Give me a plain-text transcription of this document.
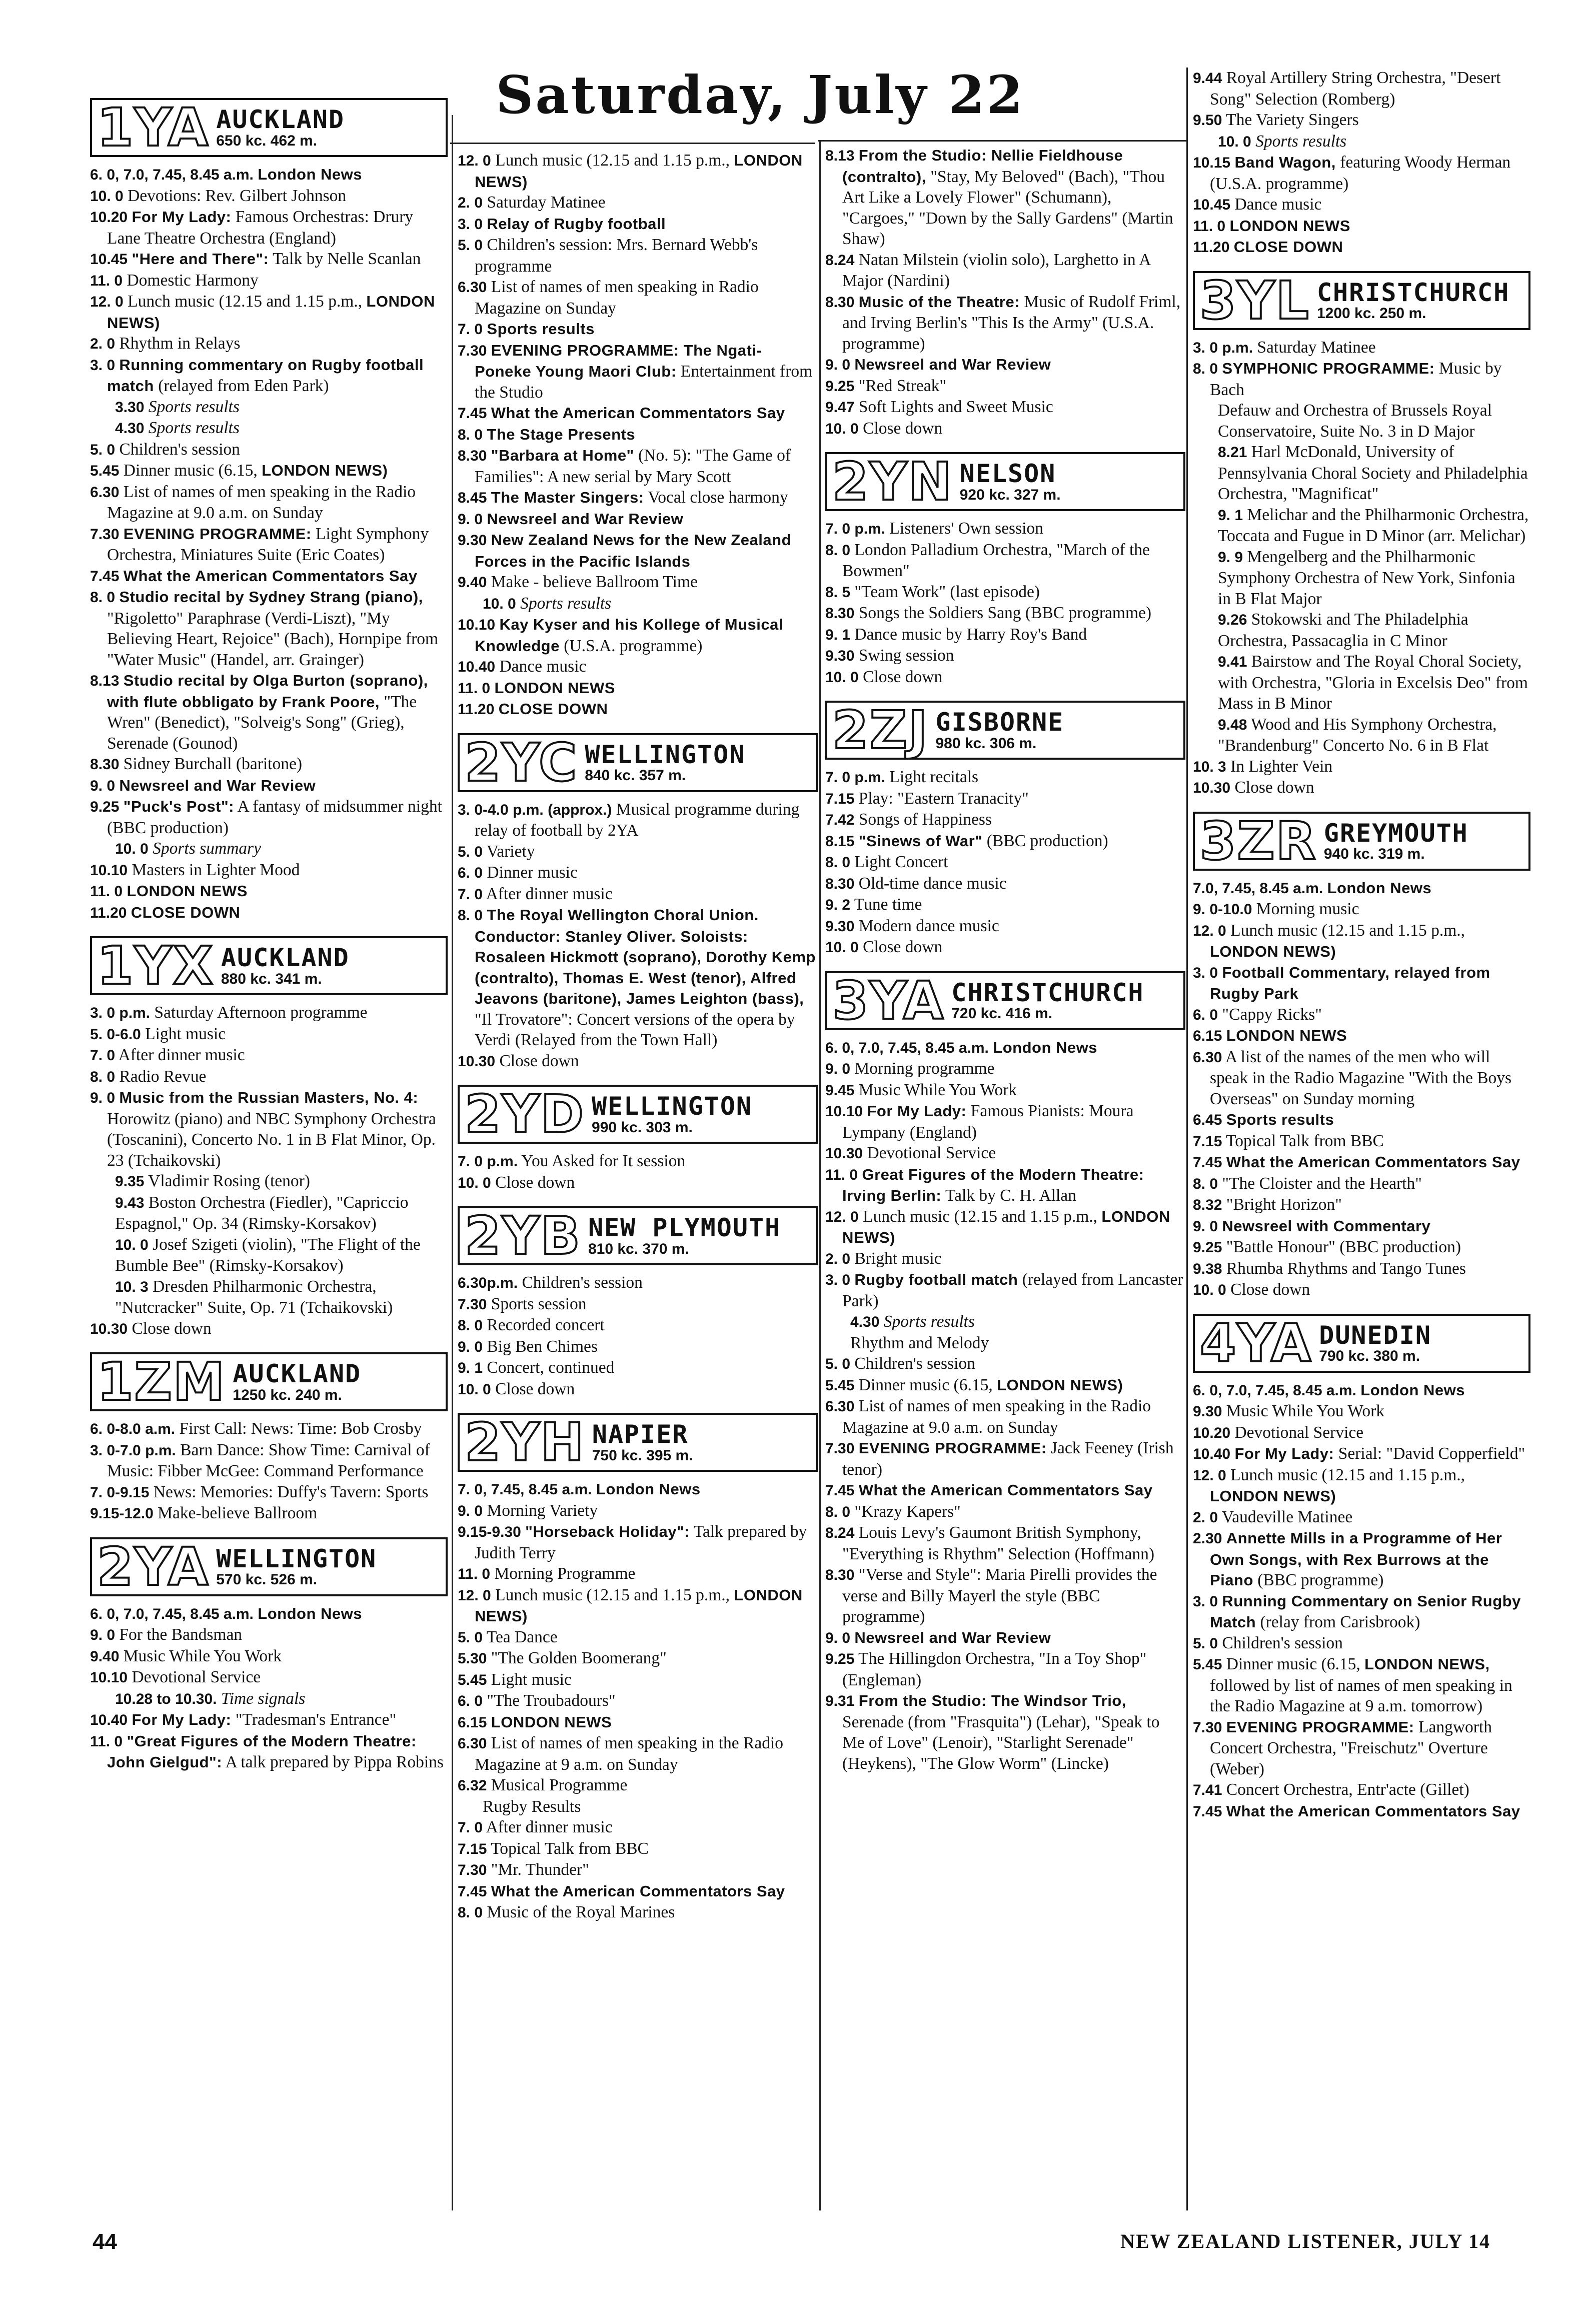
Saturday, July 22
1YA AUCKLAND
650 kc. 462 m.

6. 0, 7.0, 7.45, 8.45 a.m. London News

10. 0 Devotions: Rev. Gilbert Johnson

10.20 For My Lady: Famous Orchestras: Drury Lane Theatre Orchestra (England)

10.45 "Here and There": Talk by Nelle Scanlan

11. 0 Domestic Harmony

12. 0 Lunch music (12.15 and 1.15 p.m., LONDON NEWS)

2. 0 Rhythm in Relays

3. 0 Running commentary on Rugby football match (relayed from Eden Park)

3.30 Sports results

4.30 Sports results

5. 0 Children's session

5.45 Dinner music (6.15, LONDON NEWS)

6.30 List of names of men speaking in the Radio Magazine at 9.0 a.m. on Sunday

7.30 EVENING PROGRAMME: Light Symphony Orchestra, Miniatures Suite (Eric Coates)

7.45 What the American Commentators Say

8. 0 Studio recital by Sydney Strang (piano), "Rigoletto" Paraphrase (Verdi-Liszt), "My Believing Heart, Rejoice" (Bach), Hornpipe from "Water Music" (Handel, arr. Grainger)

8.13 Studio recital by Olga Burton (soprano), with flute obbligato by Frank Poore, "The Wren" (Benedict), "Solveig's Song" (Grieg), Serenade (Gounod)

8.30 Sidney Burchall (baritone)

9. 0 Newsreel and War Review

9.25 "Puck's Post": A fantasy of midsummer night (BBC production)

10. 0 Sports summary

10.10 Masters in Lighter Mood

11. 0 LONDON NEWS

11.20 CLOSE DOWN

1YX AUCKLAND
880 kc. 341 m.

3. 0 p.m. Saturday Afternoon programme

5. 0-6.0 Light music

7. 0 After dinner music

8. 0 Radio Revue

9. 0 Music from the Russian Masters, No. 4: Horowitz (piano) and NBC Symphony Orchestra (Toscanini), Concerto No. 1 in B Flat Minor, Op. 23 (Tchaikovski)

9.35 Vladimir Rosing (tenor)

9.43 Boston Orchestra (Fiedler), "Capriccio Espagnol," Op. 34 (Rimsky-Korsakov)

10. 0 Josef Szigeti (violin), "The Flight of the Bumble Bee" (Rimsky-Korsakov)

10. 3 Dresden Philharmonic Orchestra, "Nutcracker" Suite, Op. 71 (Tchaikovski)

10.30 Close down

1ZM AUCKLAND
1250 kc. 240 m.

6. 0-8.0 a.m. First Call: News: Time: Bob Crosby

3. 0-7.0 p.m. Barn Dance: Show Time: Carnival of Music: Fibber McGee: Command Performance

7. 0-9.15 News: Memories: Duffy's Tavern: Sports

9.15-12.0 Make-believe Ballroom

2YA WELLINGTON
570 kc. 526 m.

6. 0, 7.0, 7.45, 8.45 a.m. London News

9. 0 For the Bandsman

9.40 Music While You Work

10.10 Devotional Service

10.28 to 10.30. Time signals

10.40 For My Lady: "Tradesman's Entrance"

11. 0 "Great Figures of the Modern Theatre: John Gielgud": A talk prepared by Pippa Robins

12. 0 Lunch music (12.15 and 1.15 p.m., LONDON NEWS)

2. 0 Saturday Matinee

3. 0 Relay of Rugby football

5. 0 Children's session: Mrs. Bernard Webb's programme

6.30 List of names of men speaking in Radio Magazine on Sunday

7. 0 Sports results

7.30 EVENING PROGRAMME: The Ngati-Poneke Young Maori Club: Entertainment from the Studio

7.45 What the American Commentators Say

8. 0 The Stage Presents

8.30 "Barbara at Home" (No. 5): "The Game of Families": A new serial by Mary Scott

8.45 The Master Singers: Vocal close harmony

9. 0 Newsreel and War Review

9.30 New Zealand News for the New Zealand Forces in the Pacific Islands

9.40 Make - believe Ballroom Time

10. 0 Sports results

10.10 Kay Kyser and his Kollege of Musical Knowledge (U.S.A. programme)

10.40 Dance music

11. 0 LONDON NEWS

11.20 CLOSE DOWN

2YC WELLINGTON
840 kc. 357 m.

3. 0-4.0 p.m. (approx.) Musical programme during relay of football by 2YA

5. 0 Variety

6. 0 Dinner music

7. 0 After dinner music

8. 0 The Royal Wellington Choral Union. Conductor: Stanley Oliver. Soloists: Rosaleen Hickmott (soprano), Dorothy Kemp (contralto), Thomas E. West (tenor), Alfred Jeavons (baritone), James Leighton (bass), "Il Trovatore": Concert versions of the opera by Verdi (Relayed from the Town Hall)

10.30 Close down

2YD WELLINGTON
990 kc. 303 m.

7. 0 p.m. You Asked for It session

10. 0 Close down

2YB NEW PLYMOUTH
810 kc. 370 m.

6.30p.m. Children's session

7.30 Sports session

8. 0 Recorded concert

9. 0 Big Ben Chimes

9. 1 Concert, continued

10. 0 Close down

2YH NAPIER
750 kc. 395 m.

7. 0, 7.45, 8.45 a.m. London News

9. 0 Morning Variety

9.15-9.30 "Horseback Holiday": Talk prepared by Judith Terry

11. 0 Morning Programme

12. 0 Lunch music (12.15 and 1.15 p.m., LONDON NEWS)

5. 0 Tea Dance

5.30 "The Golden Boomerang"

5.45 Light music

6. 0 "The Troubadours"

6.15 LONDON NEWS

6.30 List of names of men speaking in the Radio Magazine at 9 a.m. on Sunday

6.32 Musical Programme

Rugby Results

7. 0 After dinner music

7.15 Topical Talk from BBC

7.30 "Mr. Thunder"

7.45 What the American Commentators Say

8. 0 Music of the Royal Marines

8.13 From the Studio: Nellie Fieldhouse (contralto), "Stay, My Beloved" (Bach), "Thou Art Like a Lovely Flower" (Schumann), "Cargoes," "Down by the Sally Gardens" (Martin Shaw)

8.24 Natan Milstein (violin solo), Larghetto in A Major (Nardini)

8.30 Music of the Theatre: Music of Rudolf Friml, and Irving Berlin's "This Is the Army" (U.S.A. programme)

9. 0 Newsreel and War Review

9.25 "Red Streak"

9.47 Soft Lights and Sweet Music

10. 0 Close down

2YN NELSON
920 kc. 327 m.

7. 0 p.m. Listeners' Own session

8. 0 London Palladium Orchestra, "March of the Bowmen"

8. 5 "Team Work" (last episode)

8.30 Songs the Soldiers Sang (BBC programme)

9. 1 Dance music by Harry Roy's Band

9.30 Swing session

10. 0 Close down

2ZJ GISBORNE
980 kc. 306 m.

7. 0 p.m. Light recitals

7.15 Play: "Eastern Tranacity"

7.42 Songs of Happiness

8.15 "Sinews of War" (BBC production)

8. 0 Light Concert

8.30 Old-time dance music

9. 2 Tune time

9.30 Modern dance music

10. 0 Close down

3YA CHRISTCHURCH
720 kc. 416 m.

6. 0, 7.0, 7.45, 8.45 a.m. London News

9. 0 Morning programme

9.45 Music While You Work

10.10 For My Lady: Famous Pianists: Moura Lympany (England)

10.30 Devotional Service

11. 0 Great Figures of the Modern Theatre: Irving Berlin: Talk by C. H. Allan

12. 0 Lunch music (12.15 and 1.15 p.m., LONDON NEWS)

2. 0 Bright music

3. 0 Rugby football match (relayed from Lancaster Park)

4.30 Sports results

Rhythm and Melody

5. 0 Children's session

5.45 Dinner music (6.15, LONDON NEWS)

6.30 List of names of men speaking in the Radio Magazine at 9.0 a.m. on Sunday

7.30 EVENING PROGRAMME: Jack Feeney (Irish tenor)

7.45 What the American Commentators Say

8. 0 "Krazy Kapers"

8.24 Louis Levy's Gaumont British Symphony, "Everything is Rhythm" Selection (Hoffmann)

8.30 "Verse and Style": Maria Pirelli provides the verse and Billy Mayerl the style (BBC programme)

9. 0 Newsreel and War Review

9.25 The Hillingdon Orchestra, "In a Toy Shop" (Engleman)

9.31 From the Studio: The Windsor Trio, Serenade (from "Frasquita") (Lehar), "Speak to Me of Love" (Lenoir), "Starlight Serenade" (Heykens), "The Glow Worm" (Lincke)

9.44 Royal Artillery String Orchestra, "Desert Song" Selection (Romberg)

9.50 The Variety Singers

10. 0 Sports results

10.15 Band Wagon, featuring Woody Herman (U.S.A. programme)

10.45 Dance music

11. 0 LONDON NEWS

11.20 CLOSE DOWN

3YL CHRISTCHURCH
1200 kc. 250 m.

3. 0 p.m. Saturday Matinee

8. 0 SYMPHONIC PROGRAMME: Music by Bach

Defauw and Orchestra of Brussels Royal Conservatoire, Suite No. 3 in D Major

8.21 Harl McDonald, University of Pennsylvania Choral Society and Philadelphia Orchestra, "Magnificat"

9. 1 Melichar and the Philharmonic Orchestra, Toccata and Fugue in D Minor (arr. Melichar)

9. 9 Mengelberg and the Philharmonic Symphony Orchestra of New York, Sinfonia in B Flat Major

9.26 Stokowski and The Philadelphia Orchestra, Passacaglia in C Minor

9.41 Bairstow and The Royal Choral Society, with Orchestra, "Gloria in Excelsis Deo" from Mass in B Minor

9.48 Wood and His Symphony Orchestra, "Brandenburg" Concerto No. 6 in B Flat

10. 3 In Lighter Vein

10.30 Close down

3ZR GREYMOUTH
940 kc. 319 m.

7.0, 7.45, 8.45 a.m. London News

9. 0-10.0 Morning music

12. 0 Lunch music (12.15 and 1.15 p.m., LONDON NEWS)

3. 0 Football Commentary, relayed from Rugby Park

6. 0 "Cappy Ricks"

6.15 LONDON NEWS

6.30 A list of the names of the men who will speak in the Radio Magazine "With the Boys Overseas" on Sunday morning

6.45 Sports results

7.15 Topical Talk from BBC

7.45 What the American Commentators Say

8. 0 "The Cloister and the Hearth"

8.32 "Bright Horizon"

9. 0 Newsreel with Commentary

9.25 "Battle Honour" (BBC production)

9.38 Rhumba Rhythms and Tango Tunes

10. 0 Close down

4YA DUNEDIN
790 kc. 380 m.

6. 0, 7.0, 7.45, 8.45 a.m. London News

9.30 Music While You Work

10.20 Devotional Service

10.40 For My Lady: Serial: "David Copperfield"

12. 0 Lunch music (12.15 and 1.15 p.m., LONDON NEWS)

2. 0 Vaudeville Matinee

2.30 Annette Mills in a Programme of Her Own Songs, with Rex Burrows at the Piano (BBC programme)

3. 0 Running Commentary on Senior Rugby Match (relay from Carisbrook)

5. 0 Children's session

5.45 Dinner music (6.15, LONDON NEWS, followed by list of names of men speaking in the Radio Magazine at 9 a.m. tomorrow)

7.30 EVENING PROGRAMME: Langworth Concert Orchestra, "Freischutz" Overture (Weber)

7.41 Concert Orchestra, Entr'acte (Gillet)

7.45 What the American Commentators Say

44	NEW ZEALAND LISTENER, JULY 14
